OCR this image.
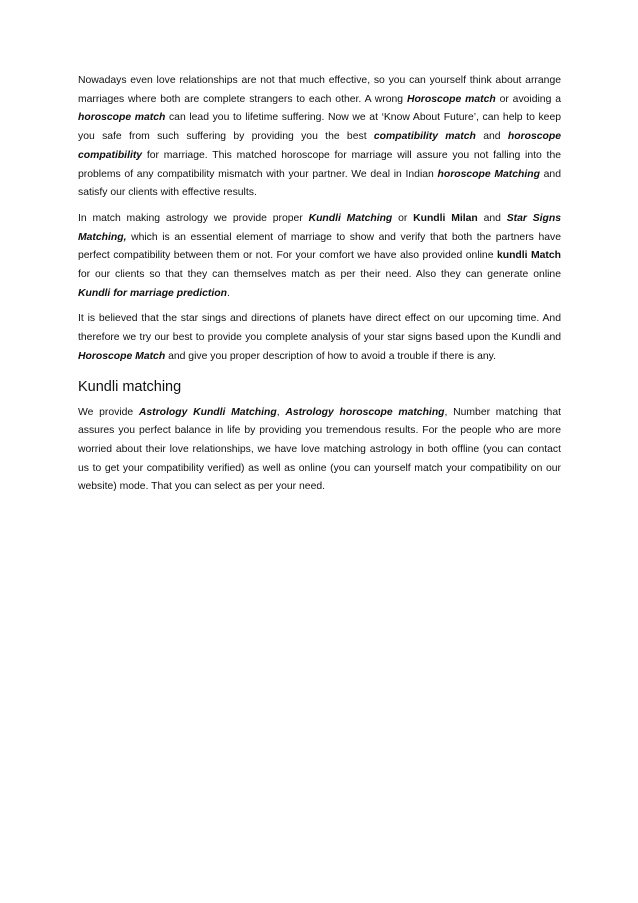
Nowadays even love relationships are not that much effective, so you can yourself think about arrange marriages where both are complete strangers to each other. A wrong Horoscope match or avoiding a horoscope match can lead you to lifetime suffering. Now we at ‘Know About Future’, can help to keep you safe from such suffering by providing you the best compatibility match and horoscope compatibility for marriage. This matched horoscope for marriage will assure you not falling into the problems of any compatibility mismatch with your partner. We deal in Indian horoscope Matching and satisfy our clients with effective results.

In match making astrology we provide proper Kundli Matching or Kundli Milan and Star Signs Matching, which is an essential element of marriage to show and verify that both the partners have perfect compatibility between them or not. For your comfort we have also provided online kundli Match for our clients so that they can themselves match as per their need. Also they can generate online Kundli for marriage prediction.

It is believed that the star sings and directions of planets have direct effect on our upcoming time. And therefore we try our best to provide you complete analysis of your star signs based upon the Kundli and Horoscope Match and give you proper description of how to avoid a trouble if there is any.

Kundli matching

We provide Astrology Kundli Matching, Astrology horoscope matching, Number matching that assures you perfect balance in life by providing you tremendous results. For the people who are more worried about their love relationships, we have love matching astrology in both offline (you can contact us to get your compatibility verified) as well as online (you can yourself match your compatibility on our website) mode. That you can select as per your need.
